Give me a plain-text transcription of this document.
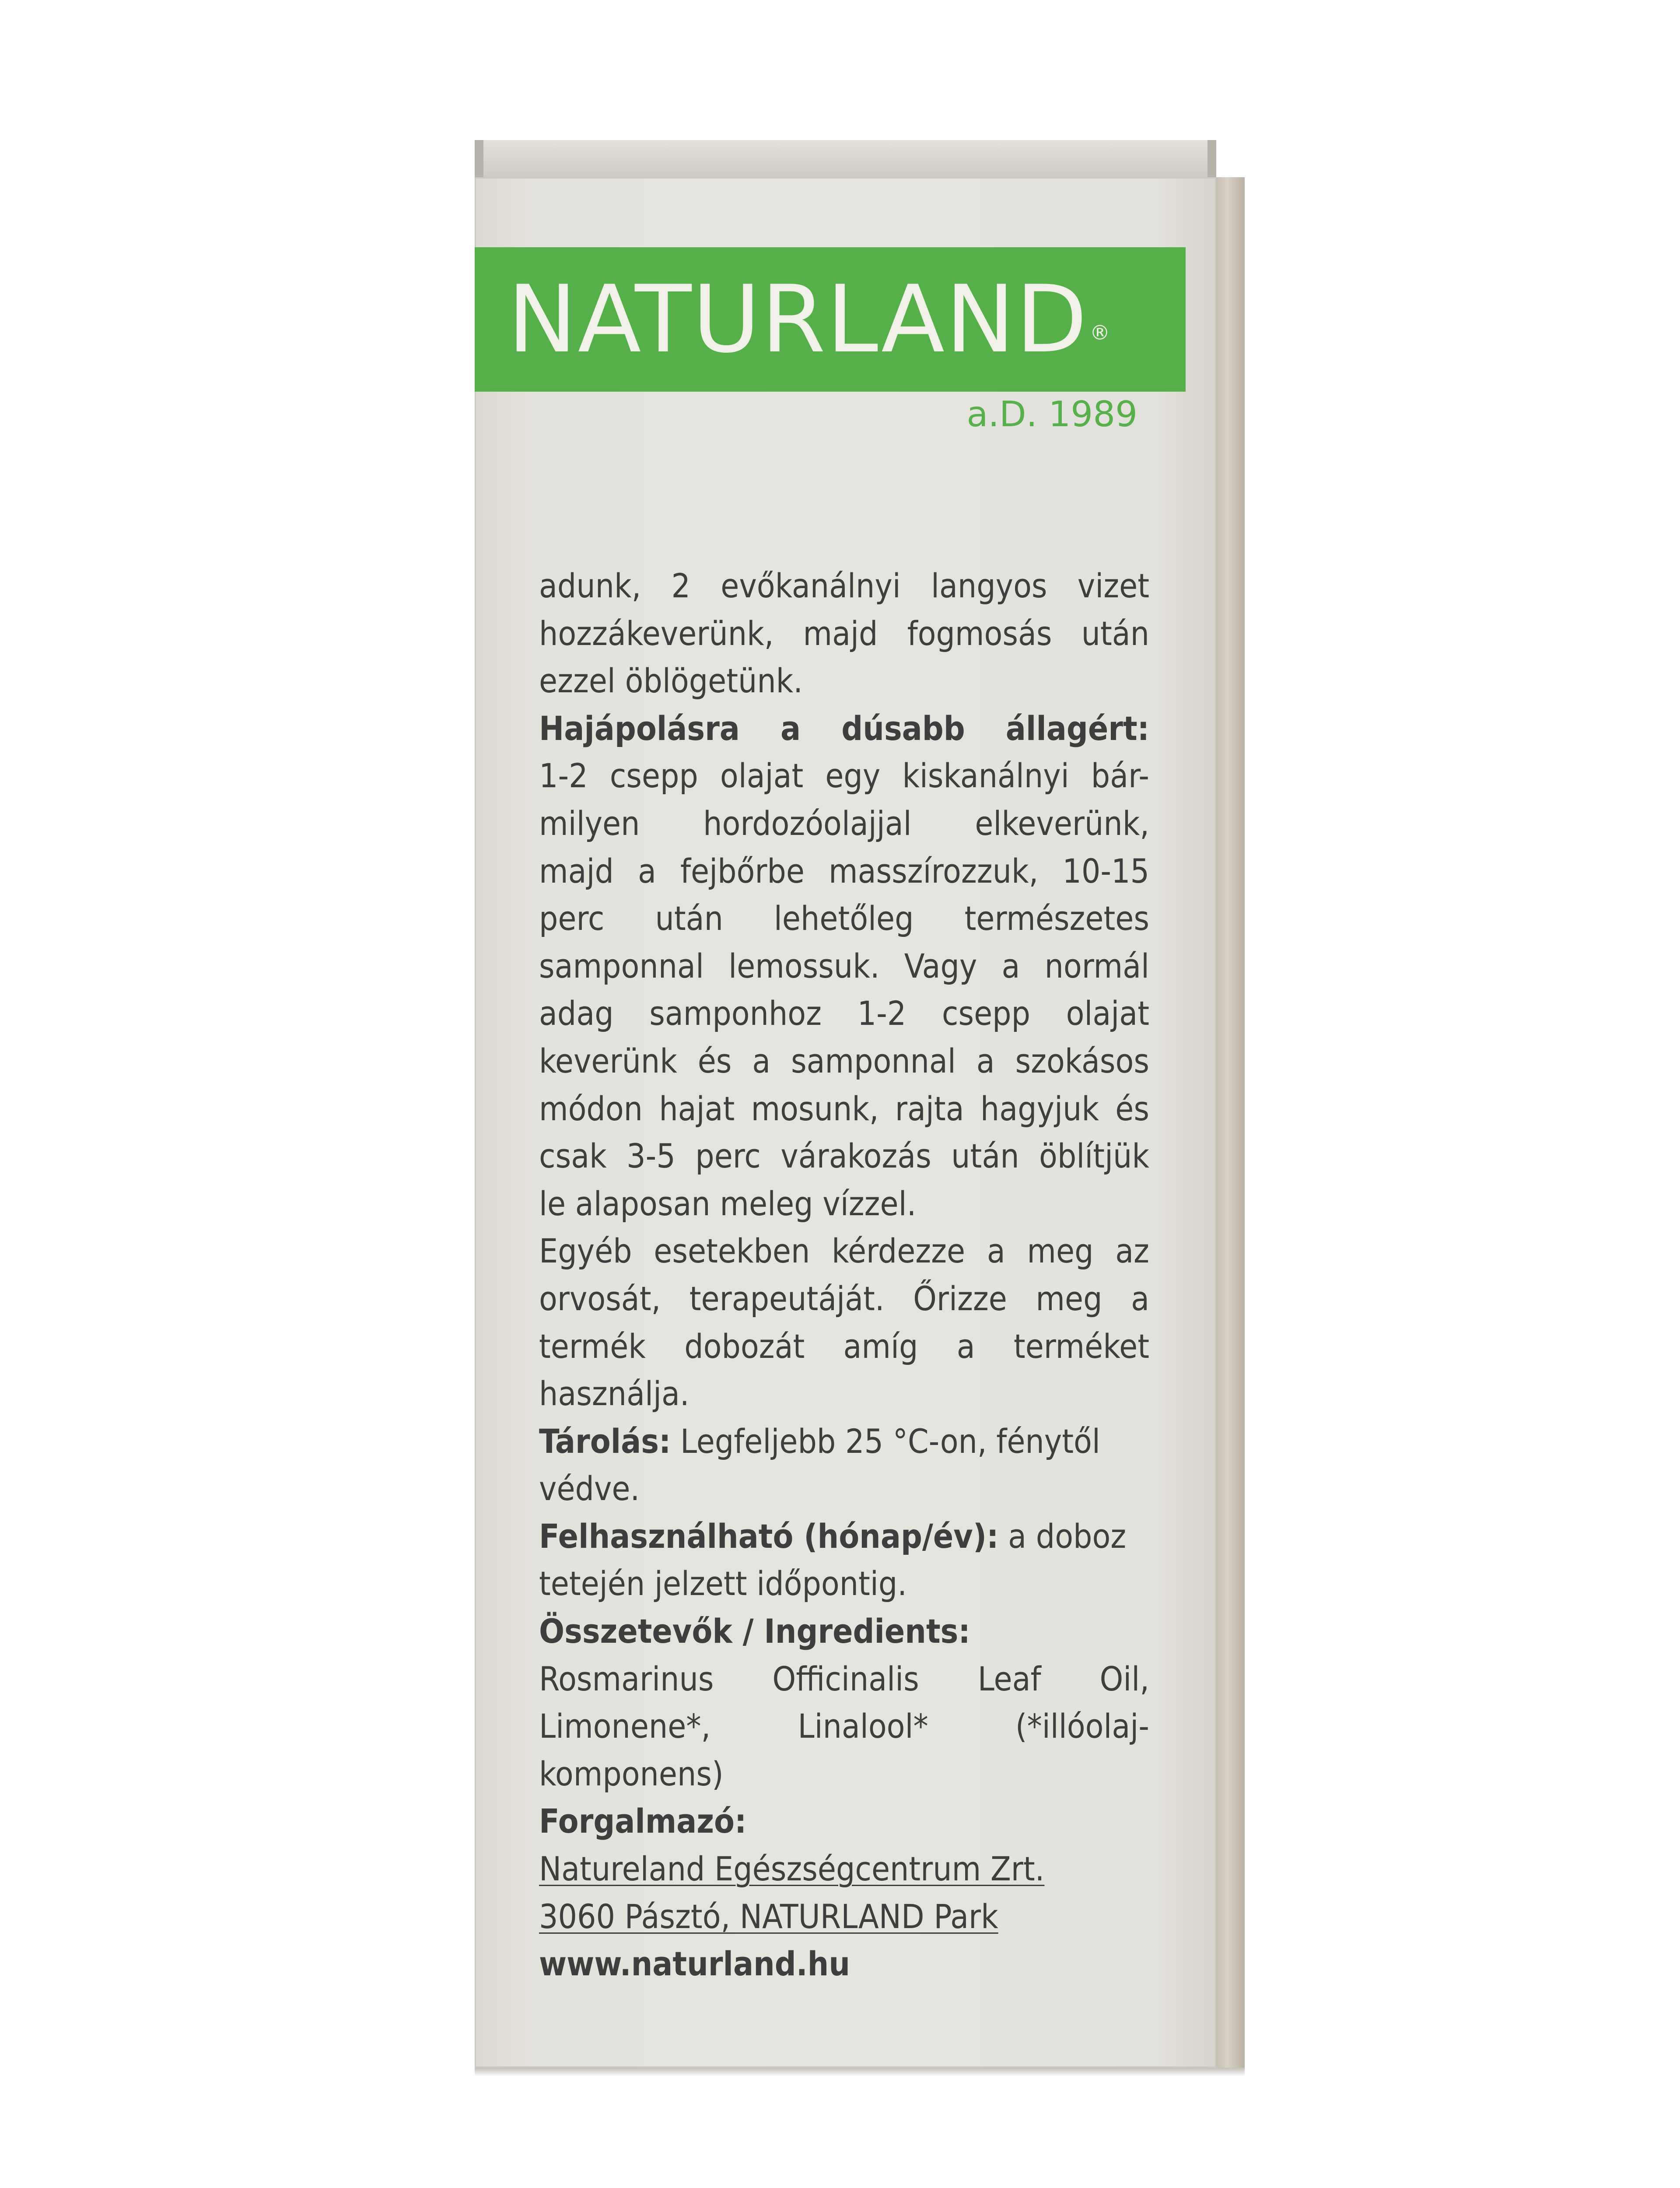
NATURLAND®
a.D. 1989
adunk, 2 evőkanálnyi langyos vizet
hozzákeverünk, majd fogmosás után
ezzel öblögetünk.
Hajápolásra a dúsabb állagért:
1-2 csepp olajat egy kiskanálnyi bár-
milyen hordozóolajjal elkeverünk,
majd a fejbőrbe masszírozzuk, 10-15
perc után lehetőleg természetes
samponnal lemossuk. Vagy a normál
adag samponhoz 1-2 csepp olajat
keverünk és a samponnal a szokásos
módon hajat mosunk, rajta hagyjuk és
csak 3-5 perc várakozás után öblítjük
le alaposan meleg vízzel.
Egyéb esetekben kérdezze a meg az
orvosát, terapeutáját. Őrizze meg a
termék dobozát amíg a terméket
használja.
Tárolás: Legfeljebb 25 °C-on, fénytől
védve.
Felhasználható (hónap/év): a doboz
tetején jelzett időpontig.
Összetevők / Ingredients:
Rosmarinus Officinalis Leaf Oil,
Limonene*, Linalool* (*illóolaj-
komponens)
Forgalmazó:
Natureland Egészségcentrum Zrt.
3060 Pásztó, NATURLAND Park
www.naturland.hu
